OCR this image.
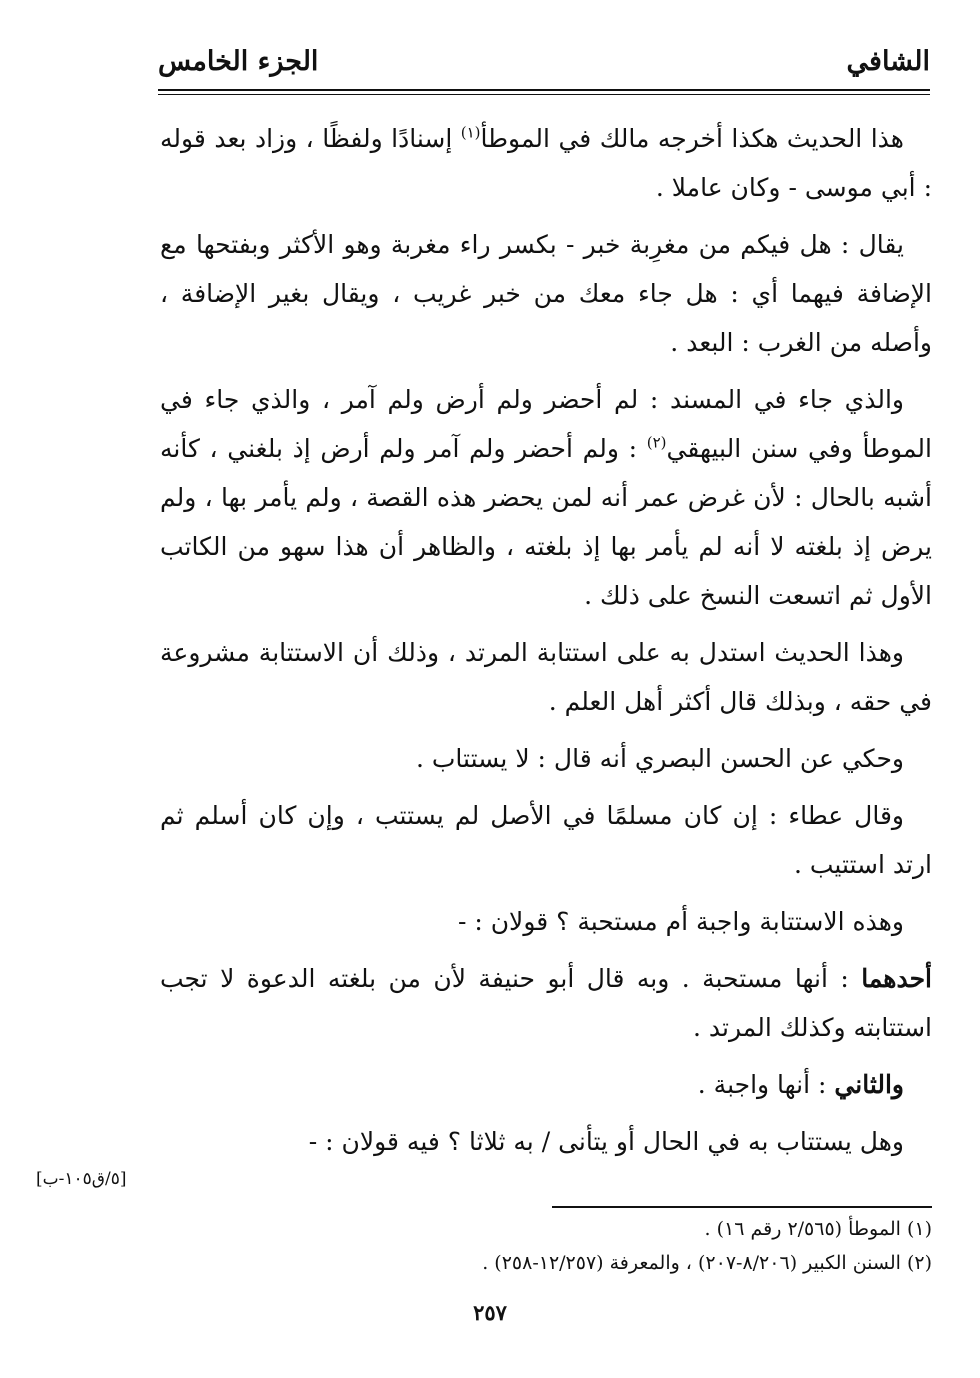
الشافي
الجزء الخامس

هذا الحديث هكذا أخرجه مالك في الموطأ$^{(١)}$ إسنادًا ولفظًا ، وزاد بعد قوله : أبي موسى - وكان عاملا .

يقال : هل فيكم من مغرِبة خبر - بكسر راء مغربة وهو الأكثر وبفتحها مع الإضافة فيهما أي : هل جاء معك من خبر غريب ، ويقال بغير الإضافة ، وأصله من الغرب : البعد .

والذي جاء في المسند : لم أحضر ولم أرض ولم آمر ، والذي جاء في الموطأ وفي سنن البيهقي$^{(٢)}$ : ولم أحضر ولم آمر ولم أرض إذ بلغني ، كأنه أشبه بالحال : لأن غرض عمر أنه لمن يحضر هذه القصة ، ولم يأمر بها ، ولم يرض إذ بلغته لا أنه لم يأمر بها إذ بلغته ، والظاهر أن هذا سهو من الكاتب الأول ثم اتسعت النسخ على ذلك .

وهذا الحديث استدل به على استتابة المرتد ، وذلك أن الاستتابة مشروعة في حقه ، وبذلك قال أكثر أهل العلم .

وحكي عن الحسن البصري أنه قال : لا يستتاب .

وقال عطاء : إن كان مسلمًا في الأصل لم يستتب ، وإن كان أسلم ثم ارتد استتيب .

وهذه الاستتابة واجبة أم مستحبة ؟ قولان : -

أحدهما : أنها مستحبة . وبه قال أبو حنيفة لأن من بلغته الدعوة لا تجب استتابته وكذلك المرتد .

والثاني : أنها واجبة .

وهل يستتاب به في الحال أو يتأنى / به ثلاثا ؟ فيه قولان : -

[٥/ق١٠٥-ب]

(١) الموطأ (٢/٥٦٥ رقم ١٦) .

(٢) السنن الكبير (٨/٢٠٦-٢٠٧) ، والمعرفة (١٢/٢٥٧-٢٥٨) .

٢٥٧
